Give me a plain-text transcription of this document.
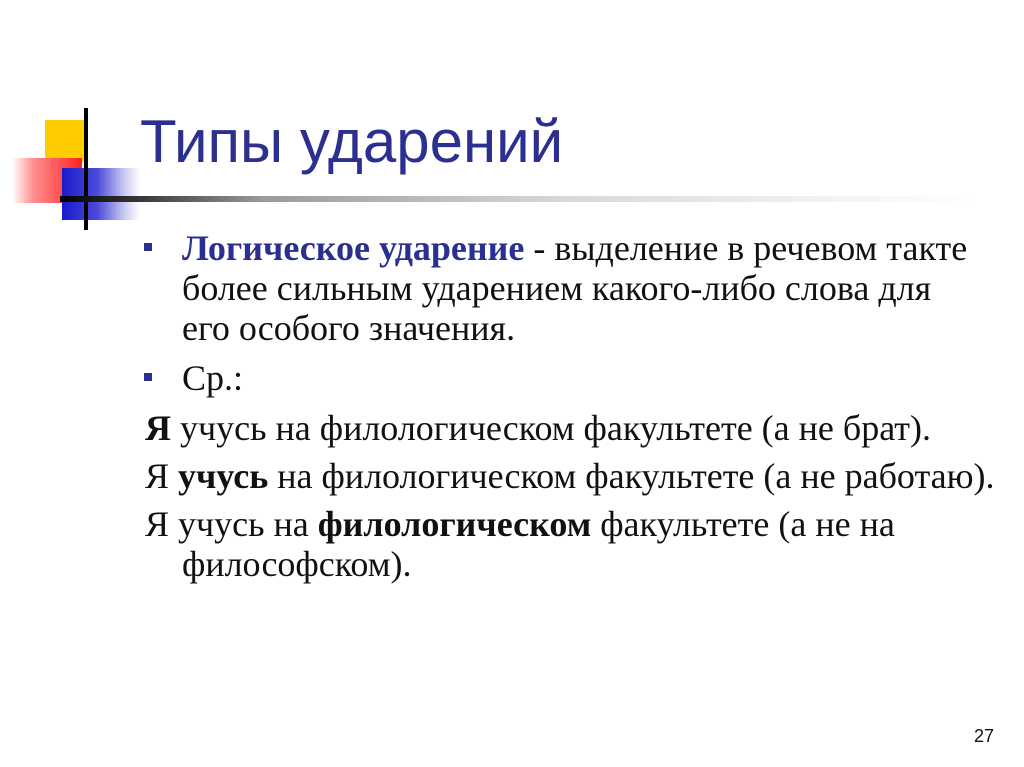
Типы ударений
Логическое ударение - выделение в речевом такте более сильным ударением какого-либо слова для его особого значения.
Ср.:
Я учусь на филологическом факультете (а не брат).
Я учусь на филологическом факультете (а не работаю).
Я учусь на филологическом факультете (а не на философском).
27
